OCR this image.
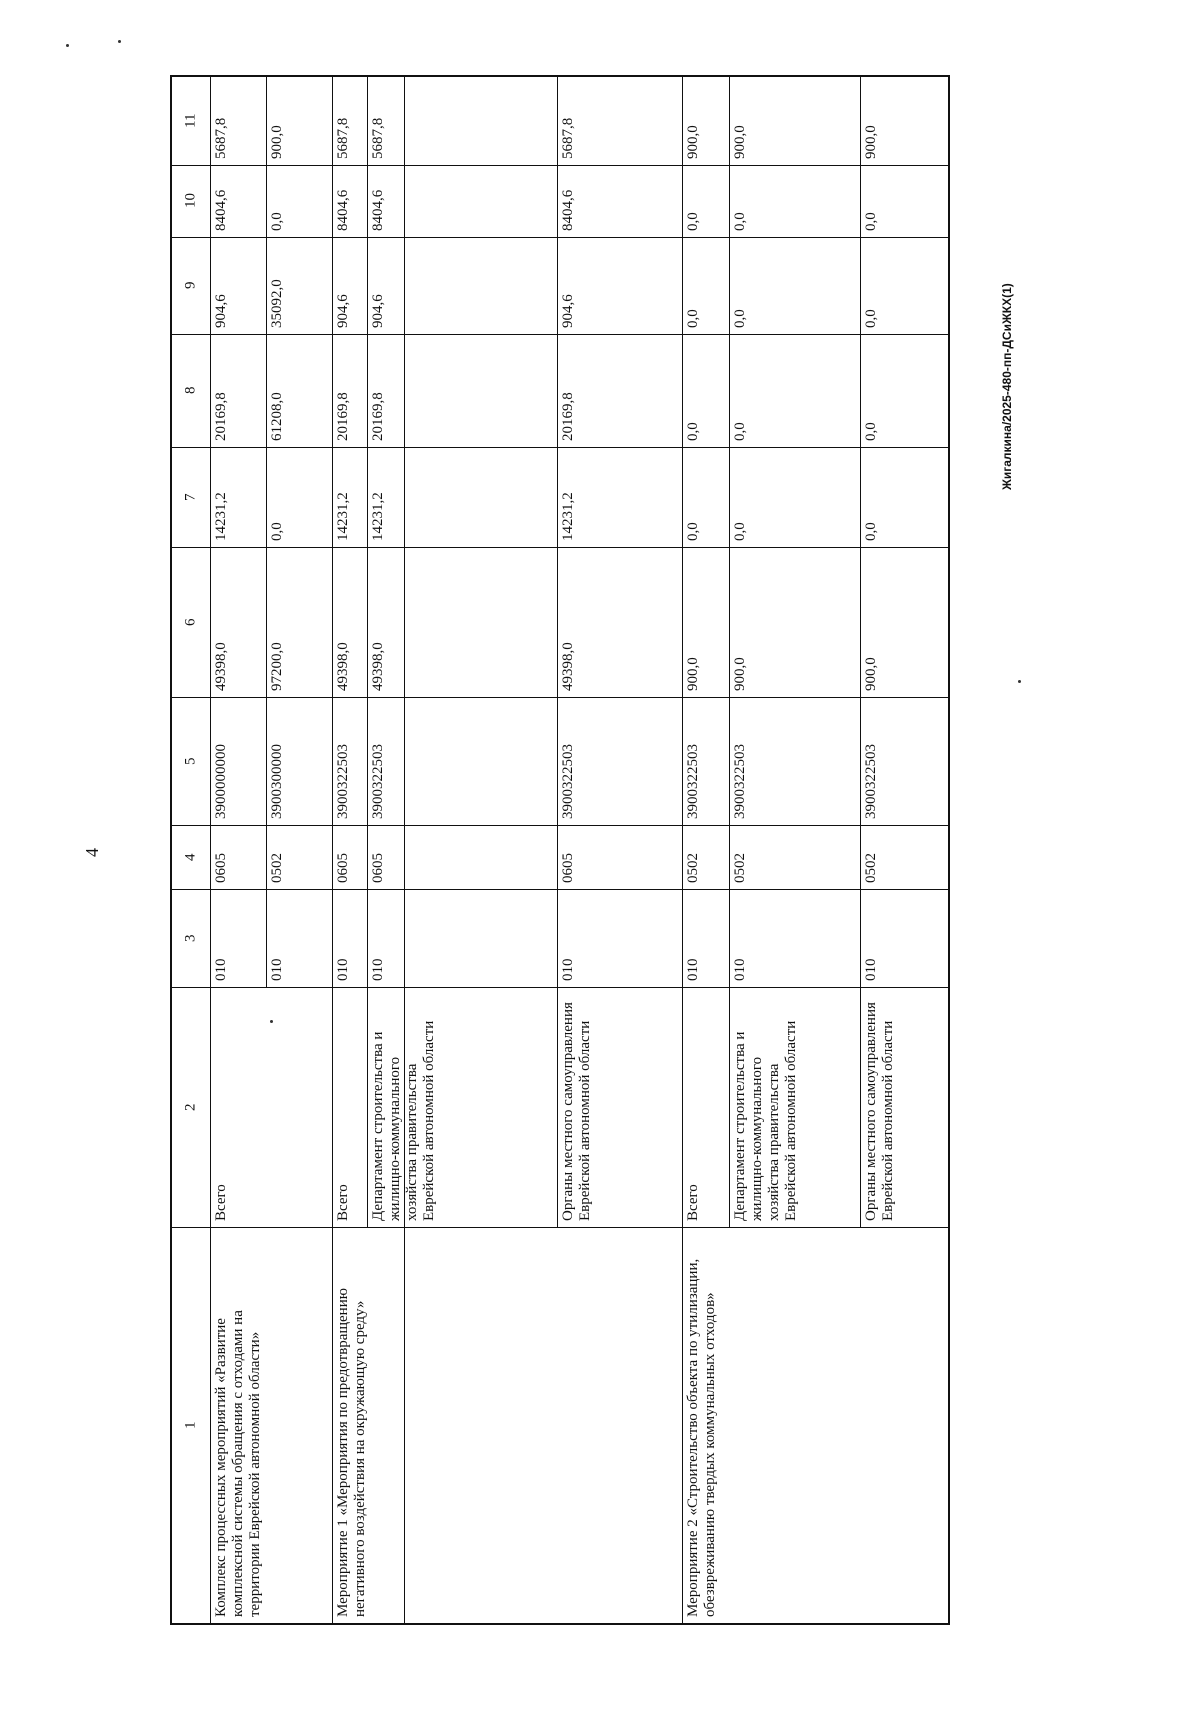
4
Жигалкина/2025-480-пп-ДСиЖКХ(1)
11
10
9
8
7
6
5
4
3
2
1
5687,8
8404,6
904,6
20169,8
14231,2
49398,0
3900000000
0605
010
Всего
900,0
0,0
35092,0
61208,0
0,0
97200,0
3900300000
0502
010
5687,8
8404,6
904,6
20169,8
14231,2
49398,0
3900322503
0605
010
Всего
5687,8
8404,6
904,6
20169,8
14231,2
49398,0
3900322503
0605
010
Департамент строительства и жилищно-коммунального хозяйства правительства Еврейской автономной области
5687,8
8404,6
904,6
20169,8
14231,2
49398,0
3900322503
0605
010
Органы местного самоуправления Еврейской автономной области
900,0
0,0
0,0
0,0
0,0
900,0
3900322503
0502
010
Всего
900,0
0,0
0,0
0,0
0,0
900,0
3900322503
0502
010
Департамент строительства и жилищно-коммунального хозяйства правительства Еврейской автономной области
900,0
0,0
0,0
0,0
0,0
900,0
3900322503
0502
010
Органы местного самоуправления Еврейской автономной области
Комплекс процессных мероприятий «Развитие комплексной системы обращения с отходами на территории Еврейской автономной области»	Мероприятие 1 «Мероприятия по предотвращению негативного воздействия на окружающую среду»	Мероприятие 2 «Строительство объекта по утилизации, обезвреживанию твердых коммунальных отходов»
